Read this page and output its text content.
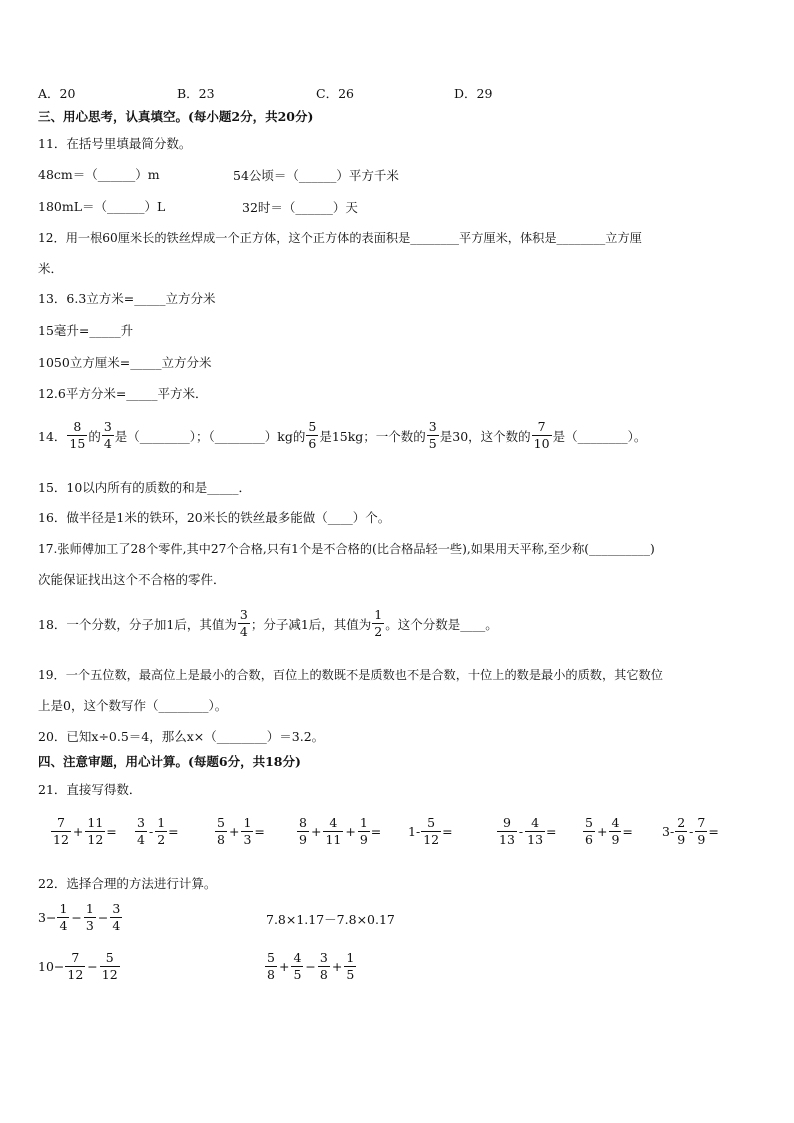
A．20	B．23	C．26	D．29
三、用心思考，认真填空。(每小题2分，共20分)
11．在括号里填最简分数。
48cm＝（______）m	54公顷＝（______）平方千米
180mL＝（______）L	32时＝（______）天
12．用一根60厘米长的铁丝焊成一个正方体，这个正方体的表面积是________平方厘米，体积是________立方厘
米．
13．6.3立方米=_____立方分米
15毫升=_____升
1050立方厘米=_____立方分米
12.6平方分米=_____平方米．
14． $\frac{8}{15}$ 的 $\frac{3}{4}$ 是（________）；（________）kg的 $\frac{5}{6}$ 是15kg；一个数的 $\frac{3}{5}$ 是30，这个数的 $\frac{7}{10}$ 是（________）。
15．10以内所有的质数的和是_____．
16．做半径是1米的铁环，20米长的铁丝最多能做（____）个。
17.张师傅加工了28个零件,其中27个合格,只有1个是不合格的(比合格品轻一些),如果用天平称,至少称(__________)
次能保证找出这个不合格的零件．
18．一个分数，分子加1后，其值为 $\frac{3}{4}$ ；分子减1后，其值为 $\frac{1}{2}$ 。这个分数是____。
19．一个五位数，最高位上是最小的合数，百位上的数既不是质数也不是合数，十位上的数是最小的质数，其它数位
上是0，这个数写作（________）。
20．已知x÷0.5＝4，那么x×（________）＝3.2。
四、注意审题，用心计算。(每题6分，共18分)
21．直接写得数．
$\frac{7}{12} + \frac{11}{12} = \frac{3}{4} - \frac{1}{2}$ =	$\frac{5}{8} + \frac{1}{3}$ =	$\frac{8}{9} + \frac{4}{11} + \frac{1}{9} = 1- \frac{5}{12}$ =	$\frac{9}{13} - \frac{4}{13} = \frac{5}{6} + \frac{4}{9} = 3- \frac{2}{9} - \frac{7}{9}$ =
22．选择合理的方法进行计算。
$3- \frac{1}{4} - \frac{1}{3} - \frac{3}{4}$	7.8×1.17－7.8×0.17
$10- \frac{7}{12} - \frac{5}{12}$	$\frac{5}{8} + \frac{4}{5} - \frac{3}{8} + \frac{1}{5}$
